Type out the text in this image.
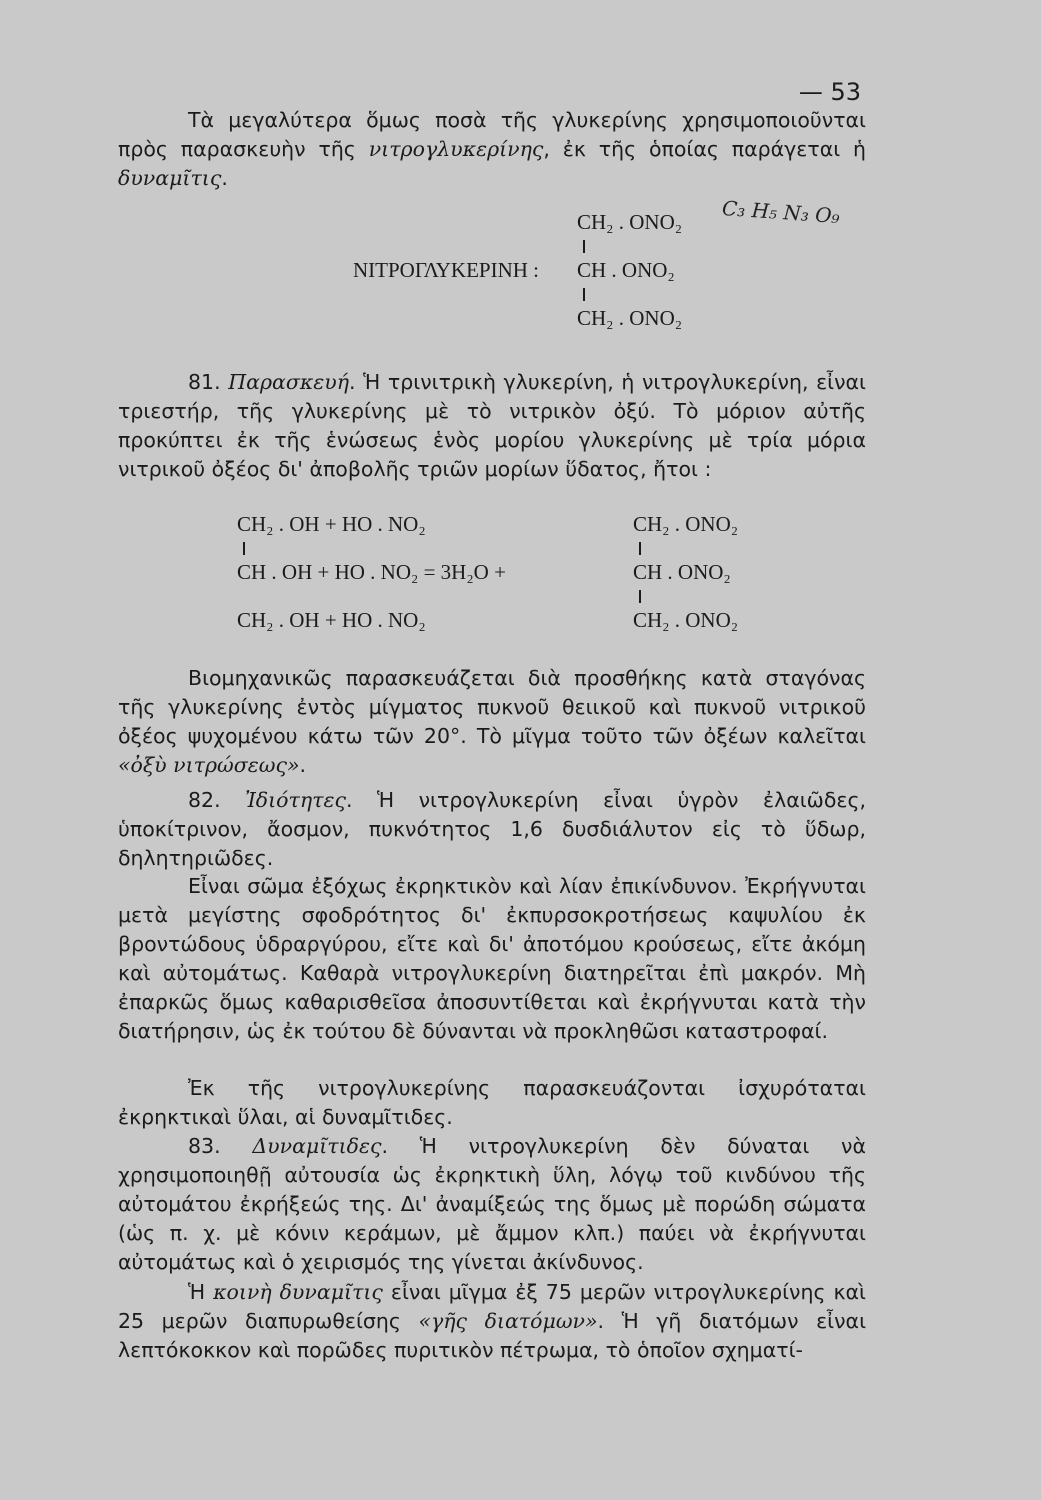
— 53

Τὰ μεγαλύτερα ὅμως ποσὰ τῆς γλυκερίνης χρησιμοποιοῦνται πρὸς παρασκευὴν τῆς νιτρογλυκερίνης, ἐκ τῆς ὁποίας παράγεται ἡ δυναμῖτις.

ΝΙΤΡΟΓΛΥΚΕΡΙΝΗ :
CH₂ . ONO₂
CH . ONO₂
CH₂ . ONO₂
C₃ H₅ N₃ O₉

81. Παρασκευή. Ἡ τρινιτρικὴ γλυκερίνη, ἡ νιτρογλυκερίνη, εἶναι τριεστήρ, τῆς γλυκερίνης μὲ τὸ νιτρικὸν ὀξύ. Τὸ μόριον αὐτῆς προκύπτει ἐκ τῆς ἑνώσεως ἑνὸς μορίου γλυκερίνης μὲ τρία μόρια νιτρικοῦ ὀξέος δι' ἀποβολῆς τριῶν μορίων ὕδατος, ἤτοι :

CH₂ . OH + HO . NO₂
CH . OH + HO . NO₂ = 3H₂O +
CH₂ . OH + HO . NO₂
CH₂ . ONO₂
CH . ONO₂
CH₂ . ONO₂

Βιομηχανικῶς παρασκευάζεται διὰ προσθήκης κατὰ σταγόνας τῆς γλυκερίνης ἐντὸς μίγματος πυκνοῦ θειικοῦ καὶ πυκνοῦ νιτρικοῦ ὀξέος ψυχομένου κάτω τῶν 20°. Τὸ μῖγμα τοῦτο τῶν ὀξέων καλεῖται «ὀξὺ νιτρώσεως».

82. Ἰδιότητες. Ἡ νιτρογλυκερίνη εἶναι ὑγρὸν ἐλαιῶδες, ὑποκίτρινον, ἄοσμον, πυκνότητος 1,6 δυσδιάλυτον εἰς τὸ ὕδωρ, δηλητηριῶδες.

Εἶναι σῶμα ἐξόχως ἐκρηκτικὸν καὶ λίαν ἐπικίνδυνον. Ἐκρήγνυται μετὰ μεγίστης σφοδρότητος δι' ἐκπυρσοκροτήσεως καψυλίου ἐκ βροντώδους ὑδραργύρου, εἴτε καὶ δι' ἀποτόμου κρούσεως, εἴτε ἀκόμη καὶ αὐτομάτως. Καθαρὰ νιτρογλυκερίνη διατηρεῖται ἐπὶ μακρόν. Μὴ ἐπαρκῶς ὅμως καθαρισθεῖσα ἀποσυντίθεται καὶ ἐκρήγνυται κατὰ τὴν διατήρησιν, ὡς ἐκ τούτου δὲ δύνανται νὰ προκληθῶσι καταστροφαί.

Ἐκ τῆς νιτρογλυκερίνης παρασκευάζονται ἰσχυρόταται ἐκρηκτικαὶ ὕλαι, αἱ δυναμῖτιδες.

83. Δυναμῖτιδες. Ἡ νιτρογλυκερίνη δὲν δύναται νὰ χρησιμοποιηθῇ αὐτουσία ὡς ἐκρηκτικὴ ὕλη, λόγῳ τοῦ κινδύνου τῆς αὐτομάτου ἐκρήξεώς της. Δι' ἀναμίξεώς της ὅμως μὲ πορώδη σώματα (ὡς π. χ. μὲ κόνιν κεράμων, μὲ ἄμμον κλπ.) παύει νὰ ἐκρήγνυται αὐτομάτως καὶ ὁ χειρισμός της γίνεται ἀκίνδυνος.

Ἡ κοινὴ δυναμῖτις εἶναι μῖγμα ἐξ 75 μερῶν νιτρογλυκερίνης καὶ 25 μερῶν διαπυρωθείσης «γῆς διατόμων». Ἡ γῆ διατόμων εἶναι λεπτόκοκκον καὶ πορῶδες πυριτικὸν πέτρωμα, τὸ ὁποῖον σχηματί-
